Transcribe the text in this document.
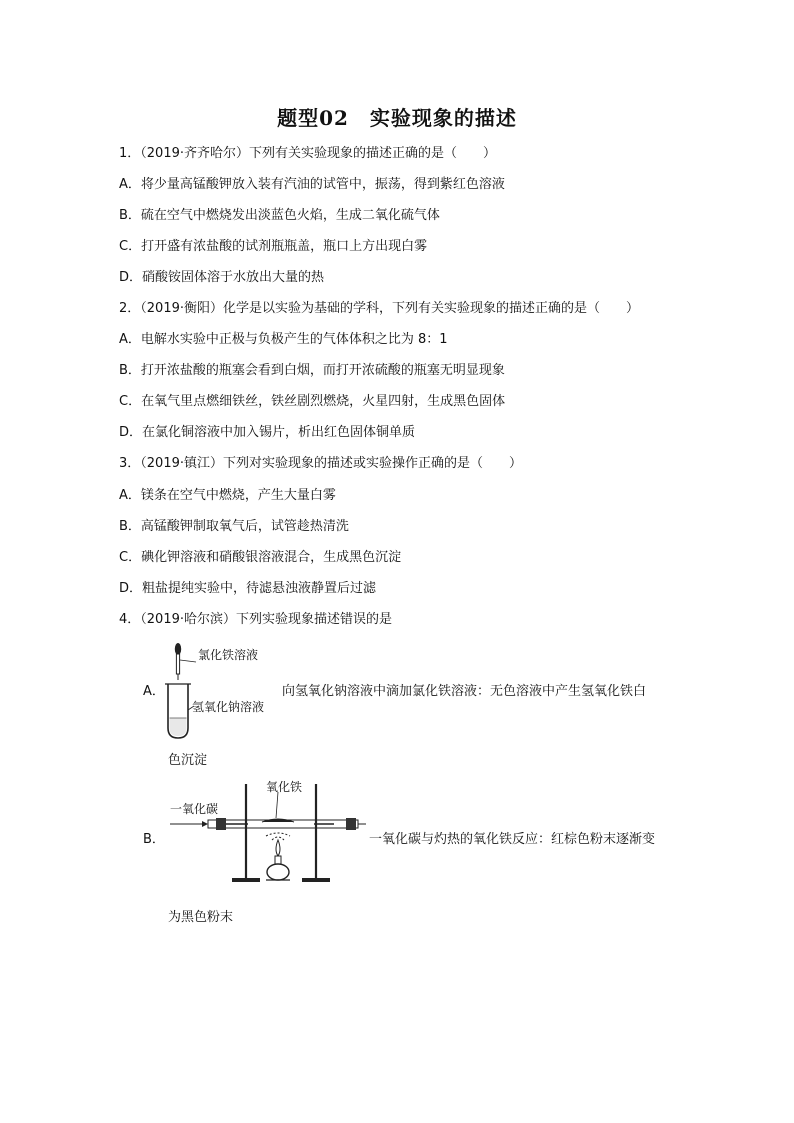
题型02　实验现象的描述
1．（2019·齐齐哈尔）下列有关实验现象的描述正确的是（　　）
A．将少量高锰酸钾放入装有汽油的试管中，振荡，得到紫红色溶液
B．硫在空气中燃烧发出淡蓝色火焰，生成二氧化硫气体
C．打开盛有浓盐酸的试剂瓶瓶盖，瓶口上方出现白雾
D．硝酸铵固体溶于水放出大量的热
2．（2019·衡阳）化学是以实验为基础的学科，下列有关实验现象的描述正确的是（　　）
A．电解水实验中正极与负极产生的气体体积之比为 8：1
B．打开浓盐酸的瓶塞会看到白烟，而打开浓硫酸的瓶塞无明显现象
C．在氧气里点燃细铁丝，铁丝剧烈燃烧，火星四射，生成黑色固体
D．在氯化铜溶液中加入锡片，析出红色固体铜单质
3．（2019·镇江）下列对实验现象的描述或实验操作正确的是（　　）
A．镁条在空气中燃烧，产生大量白雾
B．高锰酸钾制取氧气后，试管趁热清洗
C．碘化钾溶液和硝酸银溶液混合，生成黑色沉淀
D．粗盐提纯实验中，待滤悬浊液静置后过滤
4．（2019·哈尔滨）下列实验现象描述错误的是
A．
氯化铁溶液
氢氧化钠溶液
向氢氧化钠溶液中滴加氯化铁溶液：无色溶液中产生氢氧化铁白
色沉淀
B．
一氧化碳
氧化铁
一氧化碳与灼热的氧化铁反应：红棕色粉末逐渐变
为黑色粉末
